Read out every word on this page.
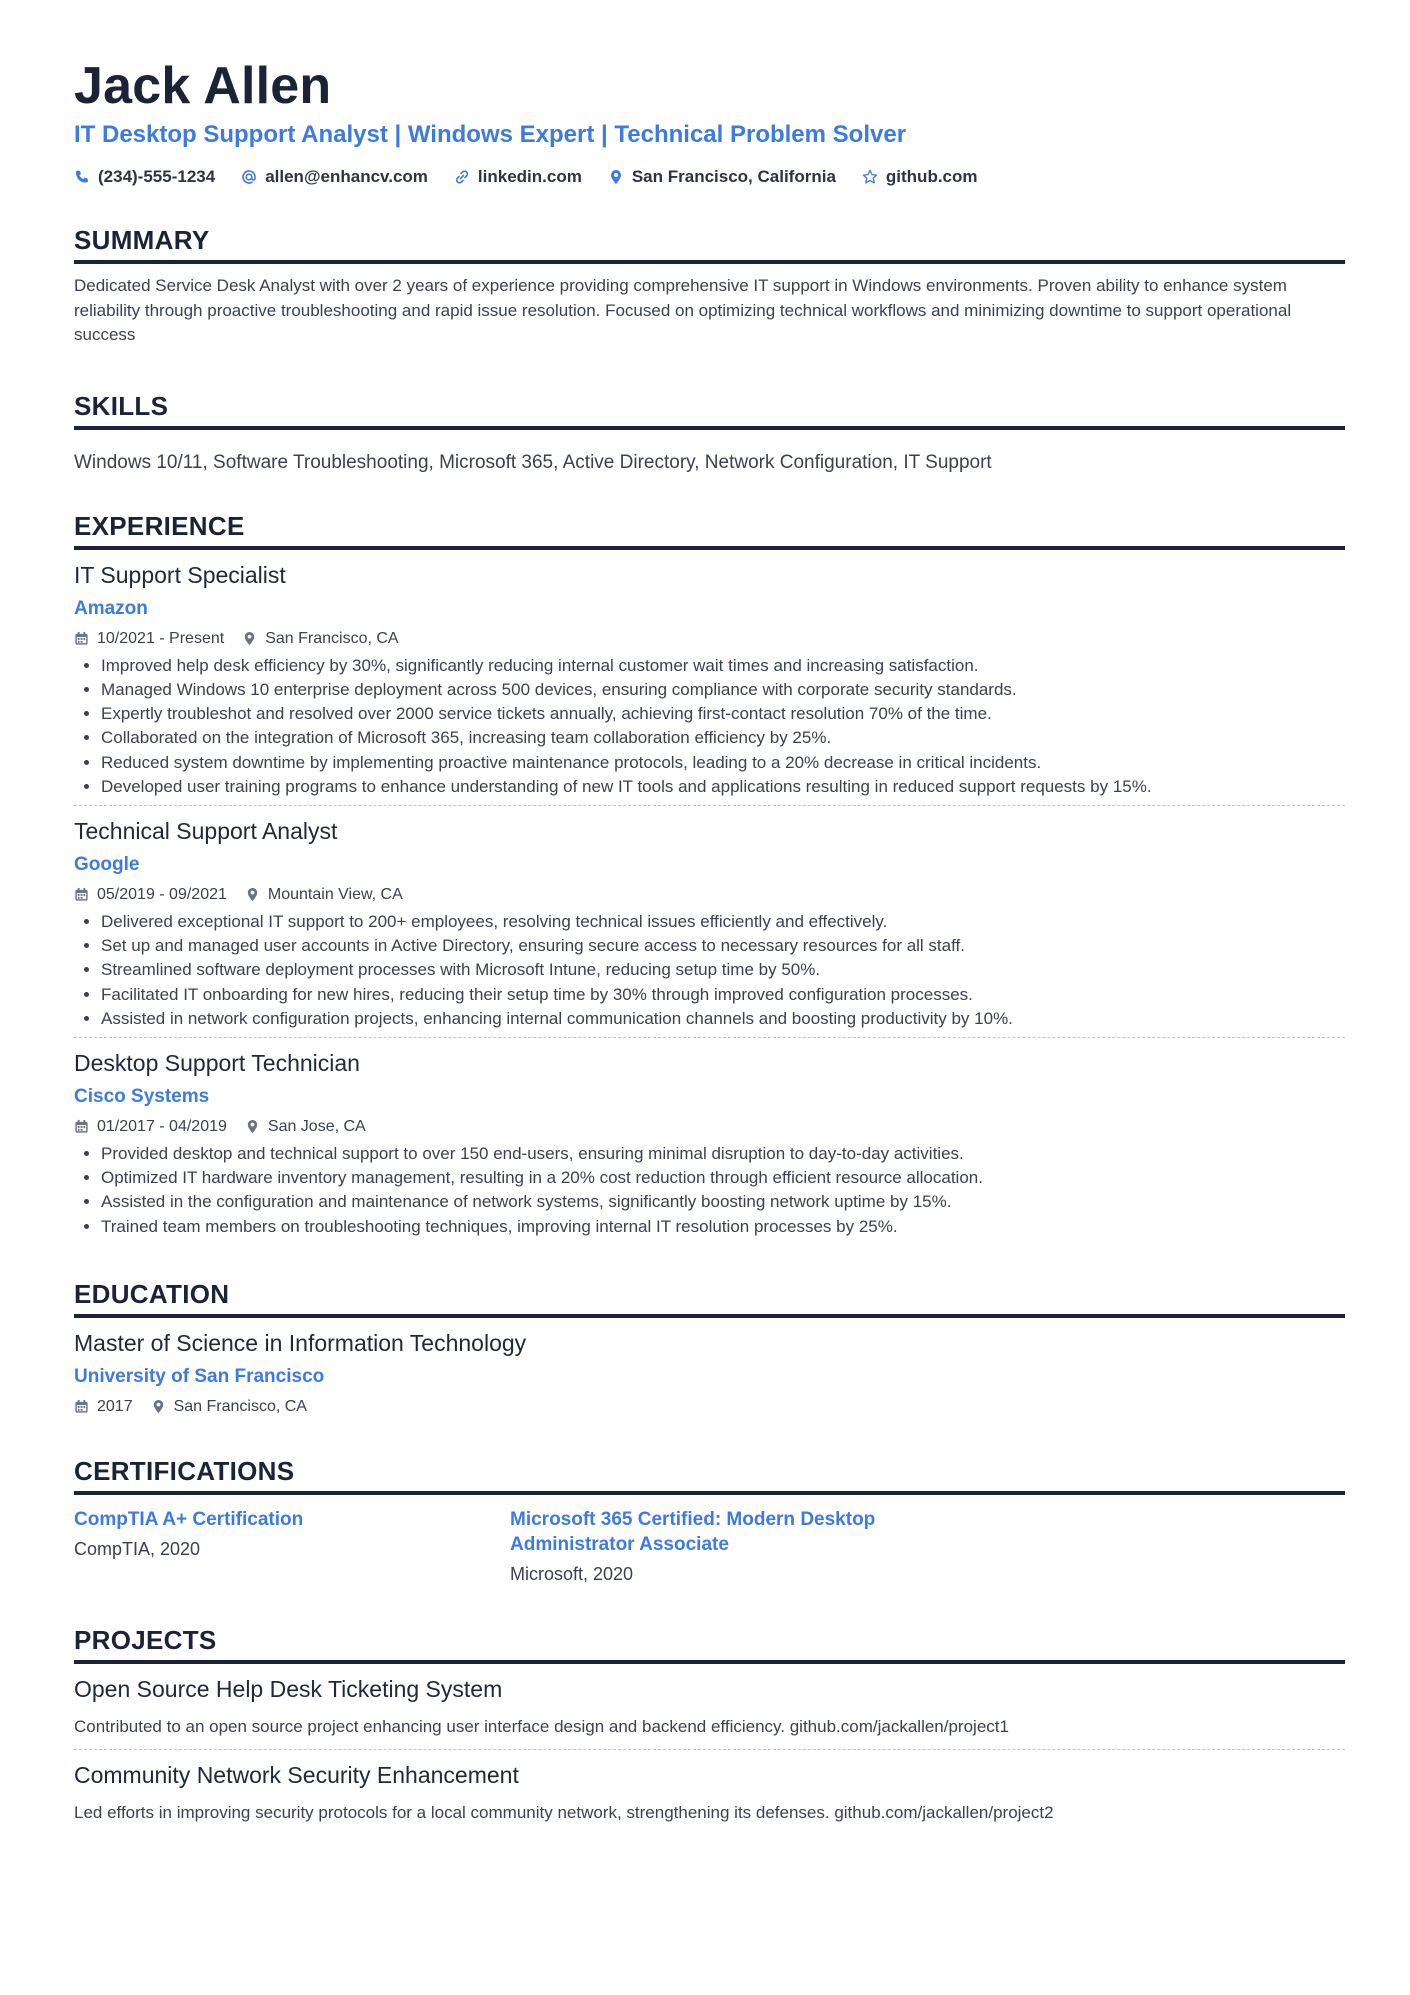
Jack Allen
IT Desktop Support Analyst | Windows Expert | Technical Problem Solver
(234)-555-1234	allen@enhancv.com	linkedin.com	San Francisco, California	github.com
SUMMARY
Dedicated Service Desk Analyst with over 2 years of experience providing comprehensive IT support in Windows environments. Proven ability to enhance system reliability through proactive troubleshooting and rapid issue resolution. Focused on optimizing technical workflows and minimizing downtime to support operational success
SKILLS
Windows 10/11, Software Troubleshooting, Microsoft 365, Active Directory, Network Configuration, IT Support
EXPERIENCE
IT Support Specialist
Amazon
10/2021 - Present	San Francisco, CA
• Improved help desk efficiency by 30%, significantly reducing internal customer wait times and increasing satisfaction.
• Managed Windows 10 enterprise deployment across 500 devices, ensuring compliance with corporate security standards.
• Expertly troubleshot and resolved over 2000 service tickets annually, achieving first-contact resolution 70% of the time.
• Collaborated on the integration of Microsoft 365, increasing team collaboration efficiency by 25%.
• Reduced system downtime by implementing proactive maintenance protocols, leading to a 20% decrease in critical incidents.
• Developed user training programs to enhance understanding of new IT tools and applications resulting in reduced support requests by 15%.
Technical Support Analyst
Google
05/2019 - 09/2021	Mountain View, CA
• Delivered exceptional IT support to 200+ employees, resolving technical issues efficiently and effectively.
• Set up and managed user accounts in Active Directory, ensuring secure access to necessary resources for all staff.
• Streamlined software deployment processes with Microsoft Intune, reducing setup time by 50%.
• Facilitated IT onboarding for new hires, reducing their setup time by 30% through improved configuration processes.
• Assisted in network configuration projects, enhancing internal communication channels and boosting productivity by 10%.
Desktop Support Technician
Cisco Systems
01/2017 - 04/2019	San Jose, CA
• Provided desktop and technical support to over 150 end-users, ensuring minimal disruption to day-to-day activities.
• Optimized IT hardware inventory management, resulting in a 20% cost reduction through efficient resource allocation.
• Assisted in the configuration and maintenance of network systems, significantly boosting network uptime by 15%.
• Trained team members on troubleshooting techniques, improving internal IT resolution processes by 25%.
EDUCATION
Master of Science in Information Technology
University of San Francisco
2017	San Francisco, CA
CERTIFICATIONS
CompTIA A+ Certification
CompTIA, 2020
Microsoft 365 Certified: Modern Desktop
Administrator Associate
Microsoft, 2020
PROJECTS
Open Source Help Desk Ticketing System
Contributed to an open source project enhancing user interface design and backend efficiency. github.com/jackallen/project1
Community Network Security Enhancement
Led efforts in improving security protocols for a local community network, strengthening its defenses. github.com/jackallen/project2
